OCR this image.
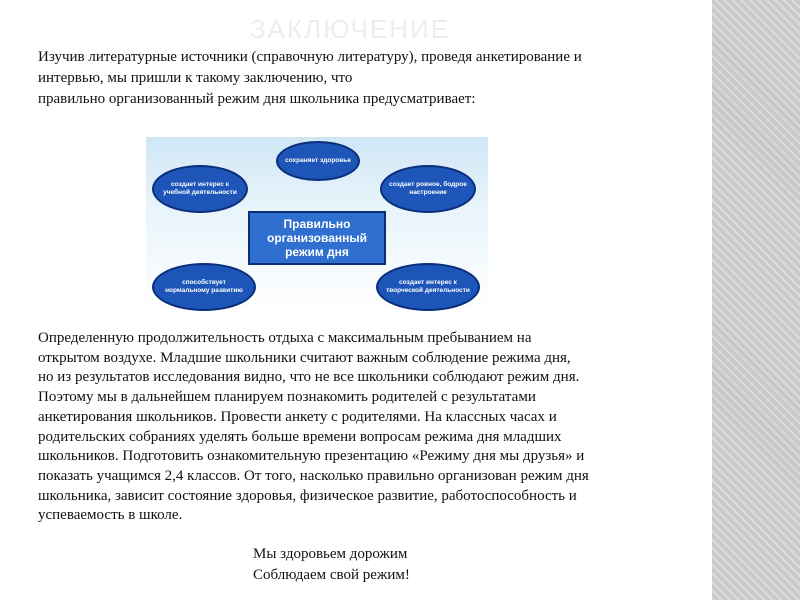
ЗАКЛЮЧЕНИЕ
Изучив литературные источники (справочную литературу), проведя анкетирование и
интервью, мы пришли к такому заключению, что
правильно организованный режим дня школьника предусматривает:
сохраняет здоровье
создает интерес к учебной деятельности
создает ровное, бодрое настроение
Правильно организованный режим дня
способствует нормальному развитию
создает интерес к творческой деятельности
Определенную продолжительность отдыха с максимальным пребыванием на
открытом воздухе. Младшие школьники считают важным соблюдение режима дня,
но из результатов исследования видно, что не все школьники соблюдают режим дня.
Поэтому мы в дальнейшем планируем познакомить родителей с результатами
анкетирования школьников. Провести анкету с родителями. На классных часах и
родительских собраниях уделять больше времени вопросам режима дня младших
школьников. Подготовить ознакомительную презентацию «Режиму дня мы друзья» и
показать учащимся 2,4 классов. От того, насколько правильно организован режим дня
школьника, зависит состояние здоровья, физическое развитие, работоспособность и
успеваемость в школе.
Мы здоровьем дорожим
Соблюдаем свой режим!
